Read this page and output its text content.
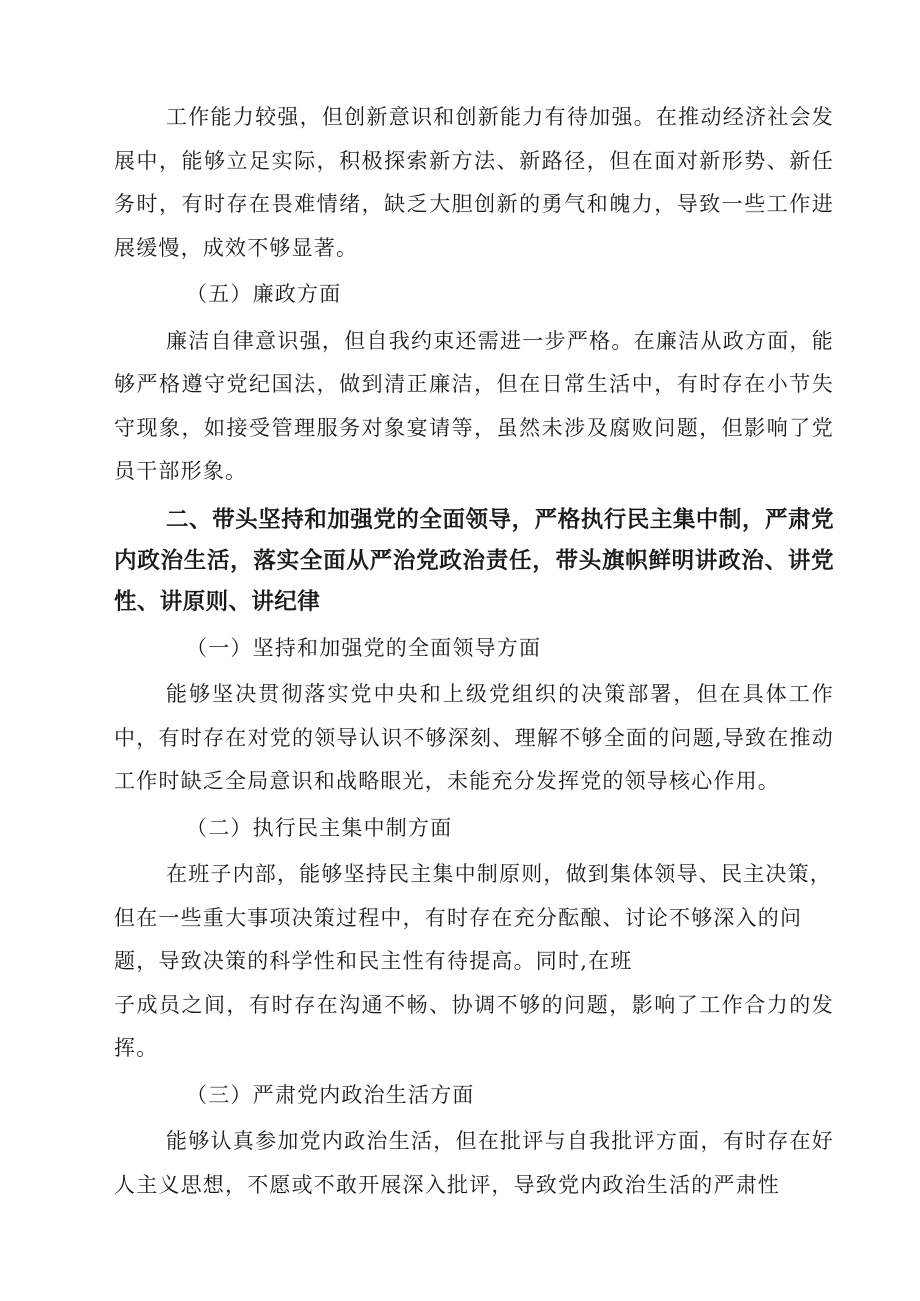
工作能力较强，但创新意识和创新能力有待加强。在推动经济社会发展中，能够立足实际，积极探索新方法、新路径，但在面对新形势、新任务时，有时存在畏难情绪，缺乏大胆创新的勇气和魄力，导致一些工作进展缓慢，成效不够显著。

（五）廉政方面

廉洁自律意识强，但自我约束还需进一步严格。在廉洁从政方面，能够严格遵守党纪国法，做到清正廉洁，但在日常生活中，有时存在小节失守现象，如接受管理服务对象宴请等，虽然未涉及腐败问题，但影响了党员干部形象。

二、带头坚持和加强党的全面领导，严格执行民主集中制，严肃党内政治生活，落实全面从严治党政治责任，带头旗帜鲜明讲政治、讲党性、讲原则、讲纪律

（一）坚持和加强党的全面领导方面

能够坚决贯彻落实党中央和上级党组织的决策部署，但在具体工作中，有时存在对党的领导认识不够深刻、理解不够全面的问题,导致在推动工作时缺乏全局意识和战略眼光，未能充分发挥党的领导核心作用。

（二）执行民主集中制方面

在班子内部，能够坚持民主集中制原则，做到集体领导、民主决策，但在一些重大事项决策过程中，有时存在充分酝酿、讨论不够深入的问题，导致决策的科学性和民主性有待提高。同时,在班

子成员之间，有时存在沟通不畅、协调不够的问题，影响了工作合力的发挥。

（三）严肃党内政治生活方面

能够认真参加党内政治生活，但在批评与自我批评方面，有时存在好人主义思想，不愿或不敢开展深入批评，导致党内政治生活的严肃性
